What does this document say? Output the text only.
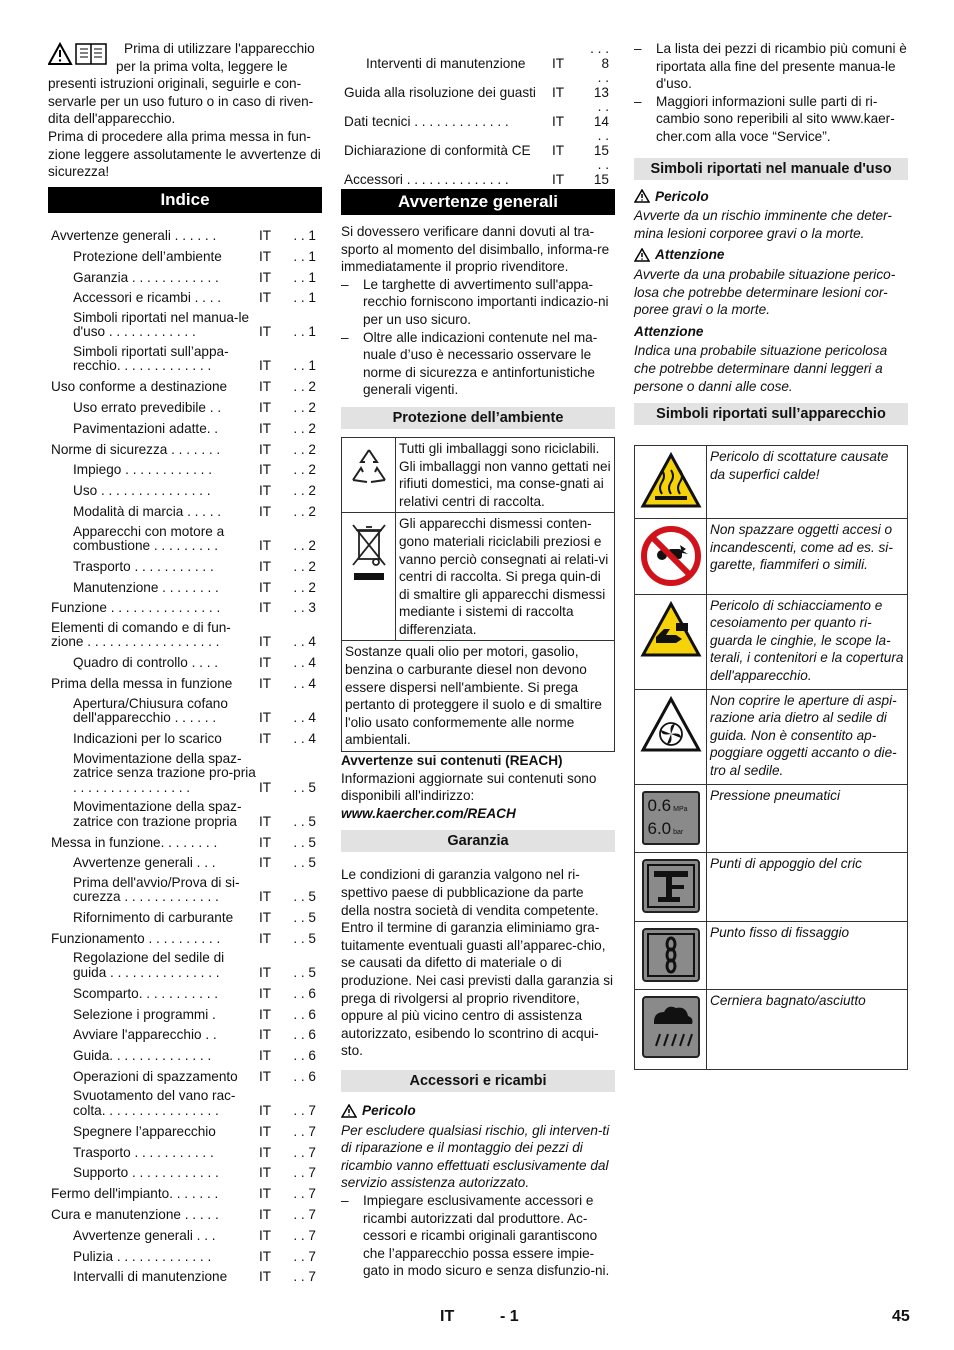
Prima di utilizzare l'apparecchio per la prima volta, leggere le presenti istruzioni originali, seguirle e con-servarle per un uso futuro o in caso di riven-dita dell'apparecchio.

Prima di procedere alla prima messa in fun-zione leggere assolutamente le avvertenze di sicurezza!

Indice
Avvertenze generali . . . . . .	IT	. . 1
Protezione dell’ambiente	IT	. . 1
Garanzia . . . . . . . . . . . .	IT	. . 1
Accessori e ricambi . . . .	IT	. . 1
Simboli riportati nel manua-le d'uso . . . . . . . . . . . .	IT	. . 1
Simboli riportati sull’appa-recchio. . . . . . . . . . . . .	IT	. . 1
Uso conforme a destinazione	IT	. . 2
Uso errato prevedibile . .	IT	. . 2
Pavimentazioni adatte. .	IT	. . 2
Norme di sicurezza . . . . . . .	IT	. . 2
Impiego . . . . . . . . . . . .	IT	. . 2
Uso . . . . . . . . . . . . . . .	IT	. . 2
Modalità di marcia . . . . .	IT	. . 2
Apparecchi con motore a combustione . . . . . . . . .	IT	. . 2
Trasporto . . . . . . . . . . .	IT	. . 2
Manutenzione . . . . . . . .	IT	. . 2
Funzione . . . . . . . . . . . . . . .	IT	. . 3
Elementi di comando e di fun-zione . . . . . . . . . . . . . . . . . .	IT	. . 4
Quadro di controllo . . . .	IT	. . 4
Prima della messa in funzione	IT	. . 4
Apertura/Chiusura cofano dell'apparecchio . . . . . .	IT	. . 4
Indicazioni per lo scarico	IT	. . 4
Movimentazione della spaz-zatrice senza trazione pro-pria . . . . . . . . . . . . . . . .	IT	. . 5
Movimentazione della spaz-zatrice con trazione propria	IT	. . 5
Messa in funzione. . . . . . . .	IT	. . 5
Avvertenze generali . . .	IT	. . 5
Prima dell'avvio/Prova di si-curezza . . . . . . . . . . . . .	IT	. . 5
Rifornimento di carburante	IT	. . 5
Funzionamento . . . . . . . . . .	IT	. . 5
Regolazione del sedile di guida . . . . . . . . . . . . . . .	IT	. . 5
Scomparto. . . . . . . . . . .	IT	. . 6
Selezione i programmi .	IT	. . 6
Avviare l'apparecchio . .	IT	. . 6
Guida. . . . . . . . . . . . . .	IT	. . 6
Operazioni di spazzamento	IT	. . 6
Svuotamento del vano rac-colta. . . . . . . . . . . . . . . .	IT	. . 7
Spegnere l’apparecchio	IT	. . 7
Trasporto . . . . . . . . . . .	IT	. . 7
Supporto . . . . . . . . . . . .	IT	. . 7
Fermo dell'impianto. . . . . . .	IT	. . 7
Cura e manutenzione . . . . .	IT	. . 7
Avvertenze generali . . .	IT	. . 7
Pulizia . . . . . . . . . . . . .	IT	. . 7
Intervalli di manutenzione	IT	. . 7
Interventi di manutenzione	IT	. . . 8
Guida alla risoluzione dei guasti	IT	. . 13
Dati tecnici . . . . . . . . . . . . .	IT	. . 14
Dichiarazione di conformità CE	IT	. . 15
Accessori . . . . . . . . . . . . . .	IT	. . 15
Avvertenze generali

Si dovessero verificare danni dovuti al tra-sporto al momento del disimballo, informa-re immediatamente il proprio rivenditore.

–	Le targhette di avvertimento sull'appa-recchio forniscono importanti indicazio-ni per un uso sicuro.
–	Oltre alle indicazioni contenute nel ma-nuale d’uso è necessario osservare le norme di sicurezza e antinfortunistiche generali vigenti.
Protezione dell’ambiente
	Tutti gli imballaggi sono riciclabili. Gli imballaggi non vanno gettati nei rifiuti domestici, ma conse-gnati ai relativi centri di raccolta.
	Gli apparecchi dismessi conten-gono materiali riciclabili preziosi e vanno perciò consegnati ai relati-vi centri di raccolta. Si prega quin-di di smaltire gli apparecchi dismessi mediante i sistemi di raccolta differenziata.
Sostanze quali olio per motori, gasolio, benzina o carburante diesel non devono essere dispersi nell'ambiente. Si prega pertanto di proteggere il suolo e di smaltire l'olio usato conformemente alle norme ambientali.	

Avvertenze sui contenuti (REACH)

Informazioni aggiornate sui contenuti sono disponibili all'indirizzo:

www.kaercher.com/REACH

Garanzia

Le condizioni di garanzia valgono nel ri-spettivo paese di pubblicazione da parte della nostra società di vendita competente. Entro il termine di garanzia eliminiamo gra-tuitamente eventuali guasti all’apparec-chio, se causati da difetto di materiale o di produzione. Nei casi previsti dalla garanzia si prega di rivolgersi al proprio rivenditore, oppure al più vicino centro di assistenza autorizzato, esibendo lo scontrino di acqui-sto.

Accessori e ricambi
Pericolo

Per escludere qualsiasi rischio, gli interven-ti di riparazione e il montaggio dei pezzi di ricambio vanno effettuati esclusivamente dal servizio assistenza autorizzato.

–	Impiegare esclusivamente accessori e ricambi autorizzati dal produttore. Ac-cessori e ricambi originali garantiscono che l’apparecchio possa essere impie-gato in modo sicuro e senza disfunzio-ni.
–	La lista dei pezzi di ricambio più comuni è riportata alla fine del presente manua-le d'uso.
–	Maggiori informazioni sulle parti di ri-cambio sono reperibili al sito www.kaer-cher.com alla voce “Service”.
Simboli riportati nel manuale d'uso
Pericolo

Avverte da un rischio imminente che deter-mina lesioni corporee gravi o la morte.

Attenzione

Avverte da una probabile situazione perico-losa che potrebbe determinare lesioni cor-poree gravi o la morte.

Attenzione

Indica una probabile situazione pericolosa che potrebbe determinare danni leggeri a persone o danni alle cose.

Simboli riportati sull’apparecchio
	Pericolo di scottature causate da superfici calde!
	Non spazzare oggetti accesi o incandescenti, come ad es. si-garette, fiammiferi o simili.
	Pericolo di schiacciamento e cesoiamento per quanto ri-guarda le cinghie, le scope la-terali, i contenitori e la copertura dell'apparecchio.
	Non coprire le aperture di aspi-razione aria dietro al sedile di guida. Non è consentito ap-poggiare oggetti accanto o die-tro al sedile.

0.6 MPa
6.0 bar	Pressione pneumatici
	Punti di appoggio del cric
	Punto fisso di fissaggio
	Cerniera bagnato/asciutto
IT	- 1	45
